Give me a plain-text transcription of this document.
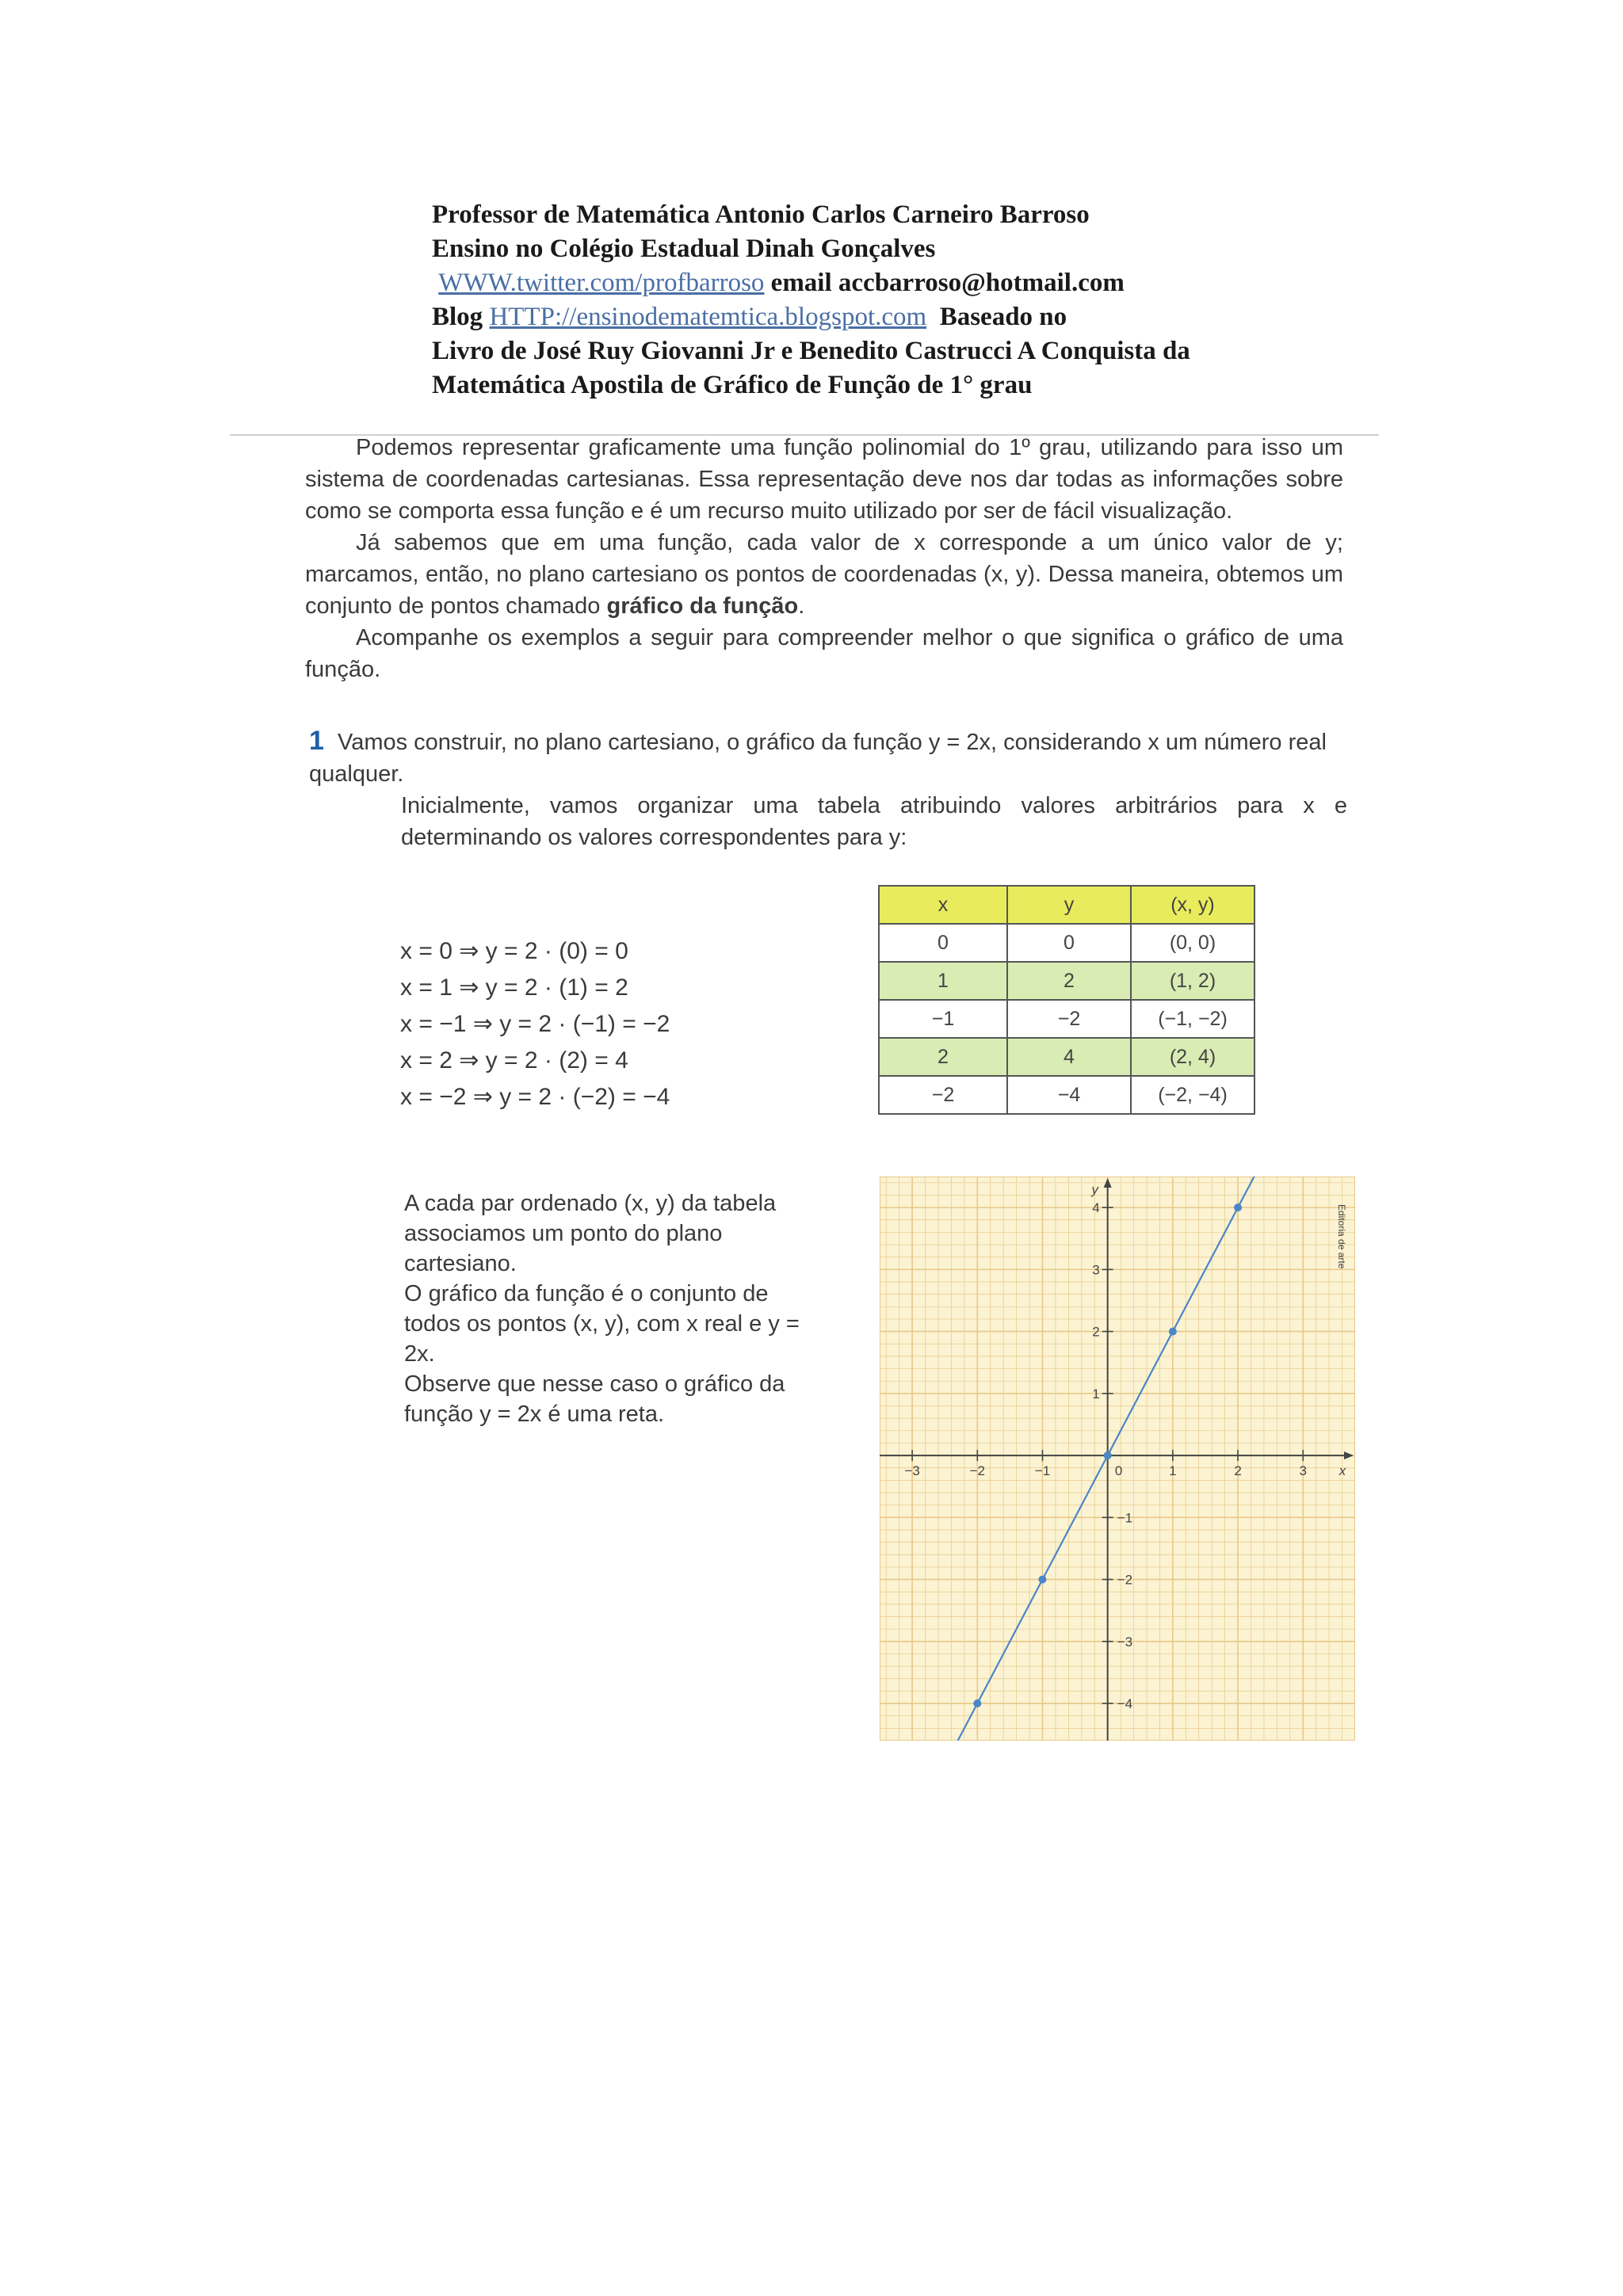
Professor de Matemática Antonio Carlos Carneiro Barroso
Ensino no Colégio Estadual Dinah Gonçalves
WWW.twitter.com/profbarroso email accbarroso@hotmail.com
Blog HTTP://ensinodematemtica.blogspot.com Baseado no
Livro de José Ruy Giovanni Jr e Benedito Castrucci A Conquista da
Matemática Apostila de Gráfico de Função de 1° grau

Podemos representar graficamente uma função polinomial do 1º grau, utilizando para isso um sistema de coordenadas cartesianas. Essa representação deve nos dar todas as informações sobre como se comporta essa função e é um recurso muito utilizado por ser de fácil visualização.

Já sabemos que em uma função, cada valor de x corresponde a um único valor de y; marcamos, então, no plano cartesiano os pontos de coordenadas (x, y). Dessa maneira, obtemos um conjunto de pontos chamado gráfico da função.

Acompanhe os exemplos a seguir para compreender melhor o que significa o gráfico de uma função.

1 Vamos construir, no plano cartesiano, o gráfico da função y = 2x, considerando x um número real qualquer.
Inicialmente, vamos organizar uma tabela atribuindo valores arbitrários para x e determinando os valores correspondentes para y:
x = 0 ⇒ y = 2 · (0) = 0
x = 1 ⇒ y = 2 · (1) = 2
x = −1 ⇒ y = 2 · (−1) = −2
x = 2 ⇒ y = 2 · (2) = 4
x = −2 ⇒ y = 2 · (−2) = −4
x	y	(x, y)
0	0	(0, 0)
1	2	(1, 2)
−1	−2	(−1, −2)
2	4	(2, 4)
−2	−4	(−2, −4)

A cada par ordenado (x, y) da tabela associamos um ponto do plano cartesiano.

O gráfico da função é o conjunto de todos os pontos (x, y), com x real e y = 2x.

Observe que nesse caso o gráfico da função y = 2x é uma reta.

−3	−2	−1	0	1	2	3
−4
−3
−2
−1
1
2
3
4
x
y
Editoria de arte
